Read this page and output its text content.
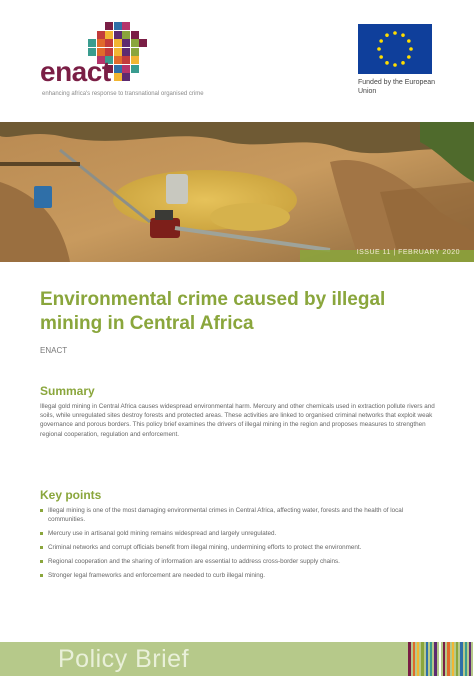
enact
enhancing africa's response to transnational organised crime
Funded by the European Union
ISSUE 11 | FEBRUARY 2020
Environmental crime caused by illegal mining in Central Africa
ENACT
Summary

Illegal gold mining in Central Africa causes widespread environmental harm. Mercury and other chemicals used in extraction pollute rivers and soils, while unregulated sites destroy forests and protected areas. These activities are linked to organised criminal networks that exploit weak governance and porous borders. This policy brief examines the drivers of illegal mining in the region and proposes measures to strengthen regional cooperation, regulation and enforcement.

Key points
Illegal mining is one of the most damaging environmental crimes in Central Africa, affecting water, forests and the health of local communities.
Mercury use in artisanal gold mining remains widespread and largely unregulated.
Criminal networks and corrupt officials benefit from illegal mining, undermining efforts to protect the environment.
Regional cooperation and the sharing of information are essential to address cross-border supply chains.
Stronger legal frameworks and enforcement are needed to curb illegal mining.
Policy Brief
